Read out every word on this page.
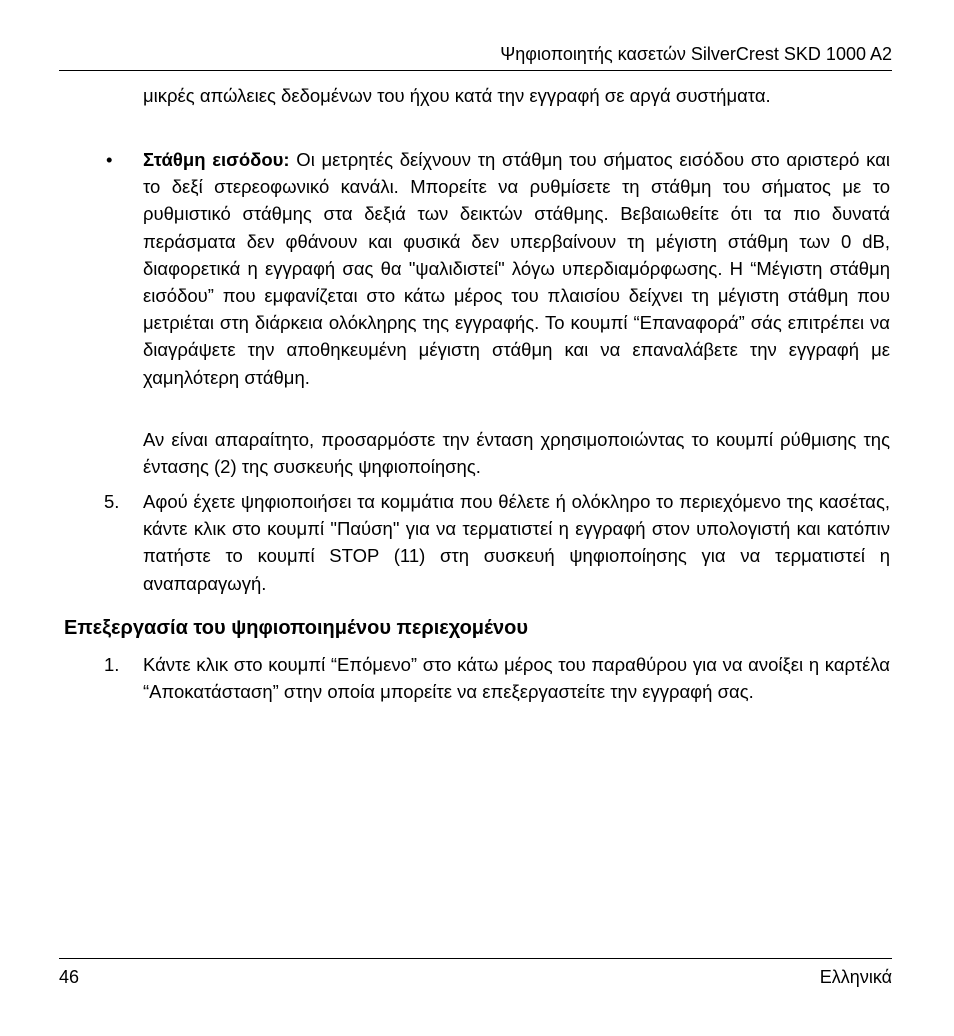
Ψηφιοποιητής κασετών SilverCrest SKD 1000 A2
μικρές απώλειες δεδομένων του ήχου κατά την εγγραφή σε αργά συστήματα.
• Στάθμη εισόδου: Οι μετρητές δείχνουν τη στάθμη του σήματος εισόδου στο αριστερό και το δεξί στερεοφωνικό κανάλι. Μπορείτε να ρυθμίσετε τη στάθμη του σήματος με το ρυθμιστικό στάθμης στα δεξιά των δεικτών στάθμης. Βεβαιωθείτε ότι τα πιο δυνατά περάσματα δεν φθάνουν και φυσικά δεν υπερβαίνουν τη μέγιστη στάθμη των 0 dB, διαφορετικά η εγγραφή σας θα "ψαλιδιστεί" λόγω υπερδιαμόρφωσης. Η “Μέγιστη στάθμη εισόδου” που εμφανίζεται στο κάτω μέρος του πλαισίου δείχνει τη μέγιστη στάθμη που μετριέται στη διάρκεια ολόκληρης της εγγραφής. Το κουμπί “Επαναφορά” σάς επιτρέπει να διαγράψετε την αποθηκευμένη μέγιστη στάθμη και να επαναλάβετε την εγγραφή με χαμηλότερη στάθμη.
Αν είναι απαραίτητο, προσαρμόστε την ένταση χρησιμοποιώντας το κουμπί ρύθμισης της έντασης (2) της συσκευής ψηφιοποίησης.
5. Αφού έχετε ψηφιοποιήσει τα κομμάτια που θέλετε ή ολόκληρο το περιεχόμενο της κασέτας, κάντε κλικ στο κουμπί "Παύση" για να τερματιστεί η εγγραφή στον υπολογιστή και κατόπιν πατήστε το κουμπί STOP (11) στη συσκευή ψηφιοποίησης για να τερματιστεί η αναπαραγωγή.
Επεξεργασία του ψηφιοποιημένου περιεχομένου
1. Κάντε κλικ στο κουμπί “Επόμενο” στο κάτω μέρος του παραθύρου για να ανοίξει η καρτέλα “Αποκατάσταση” στην οποία μπορείτε να επεξεργαστείτε την εγγραφή σας.
46	Ελληνικά
